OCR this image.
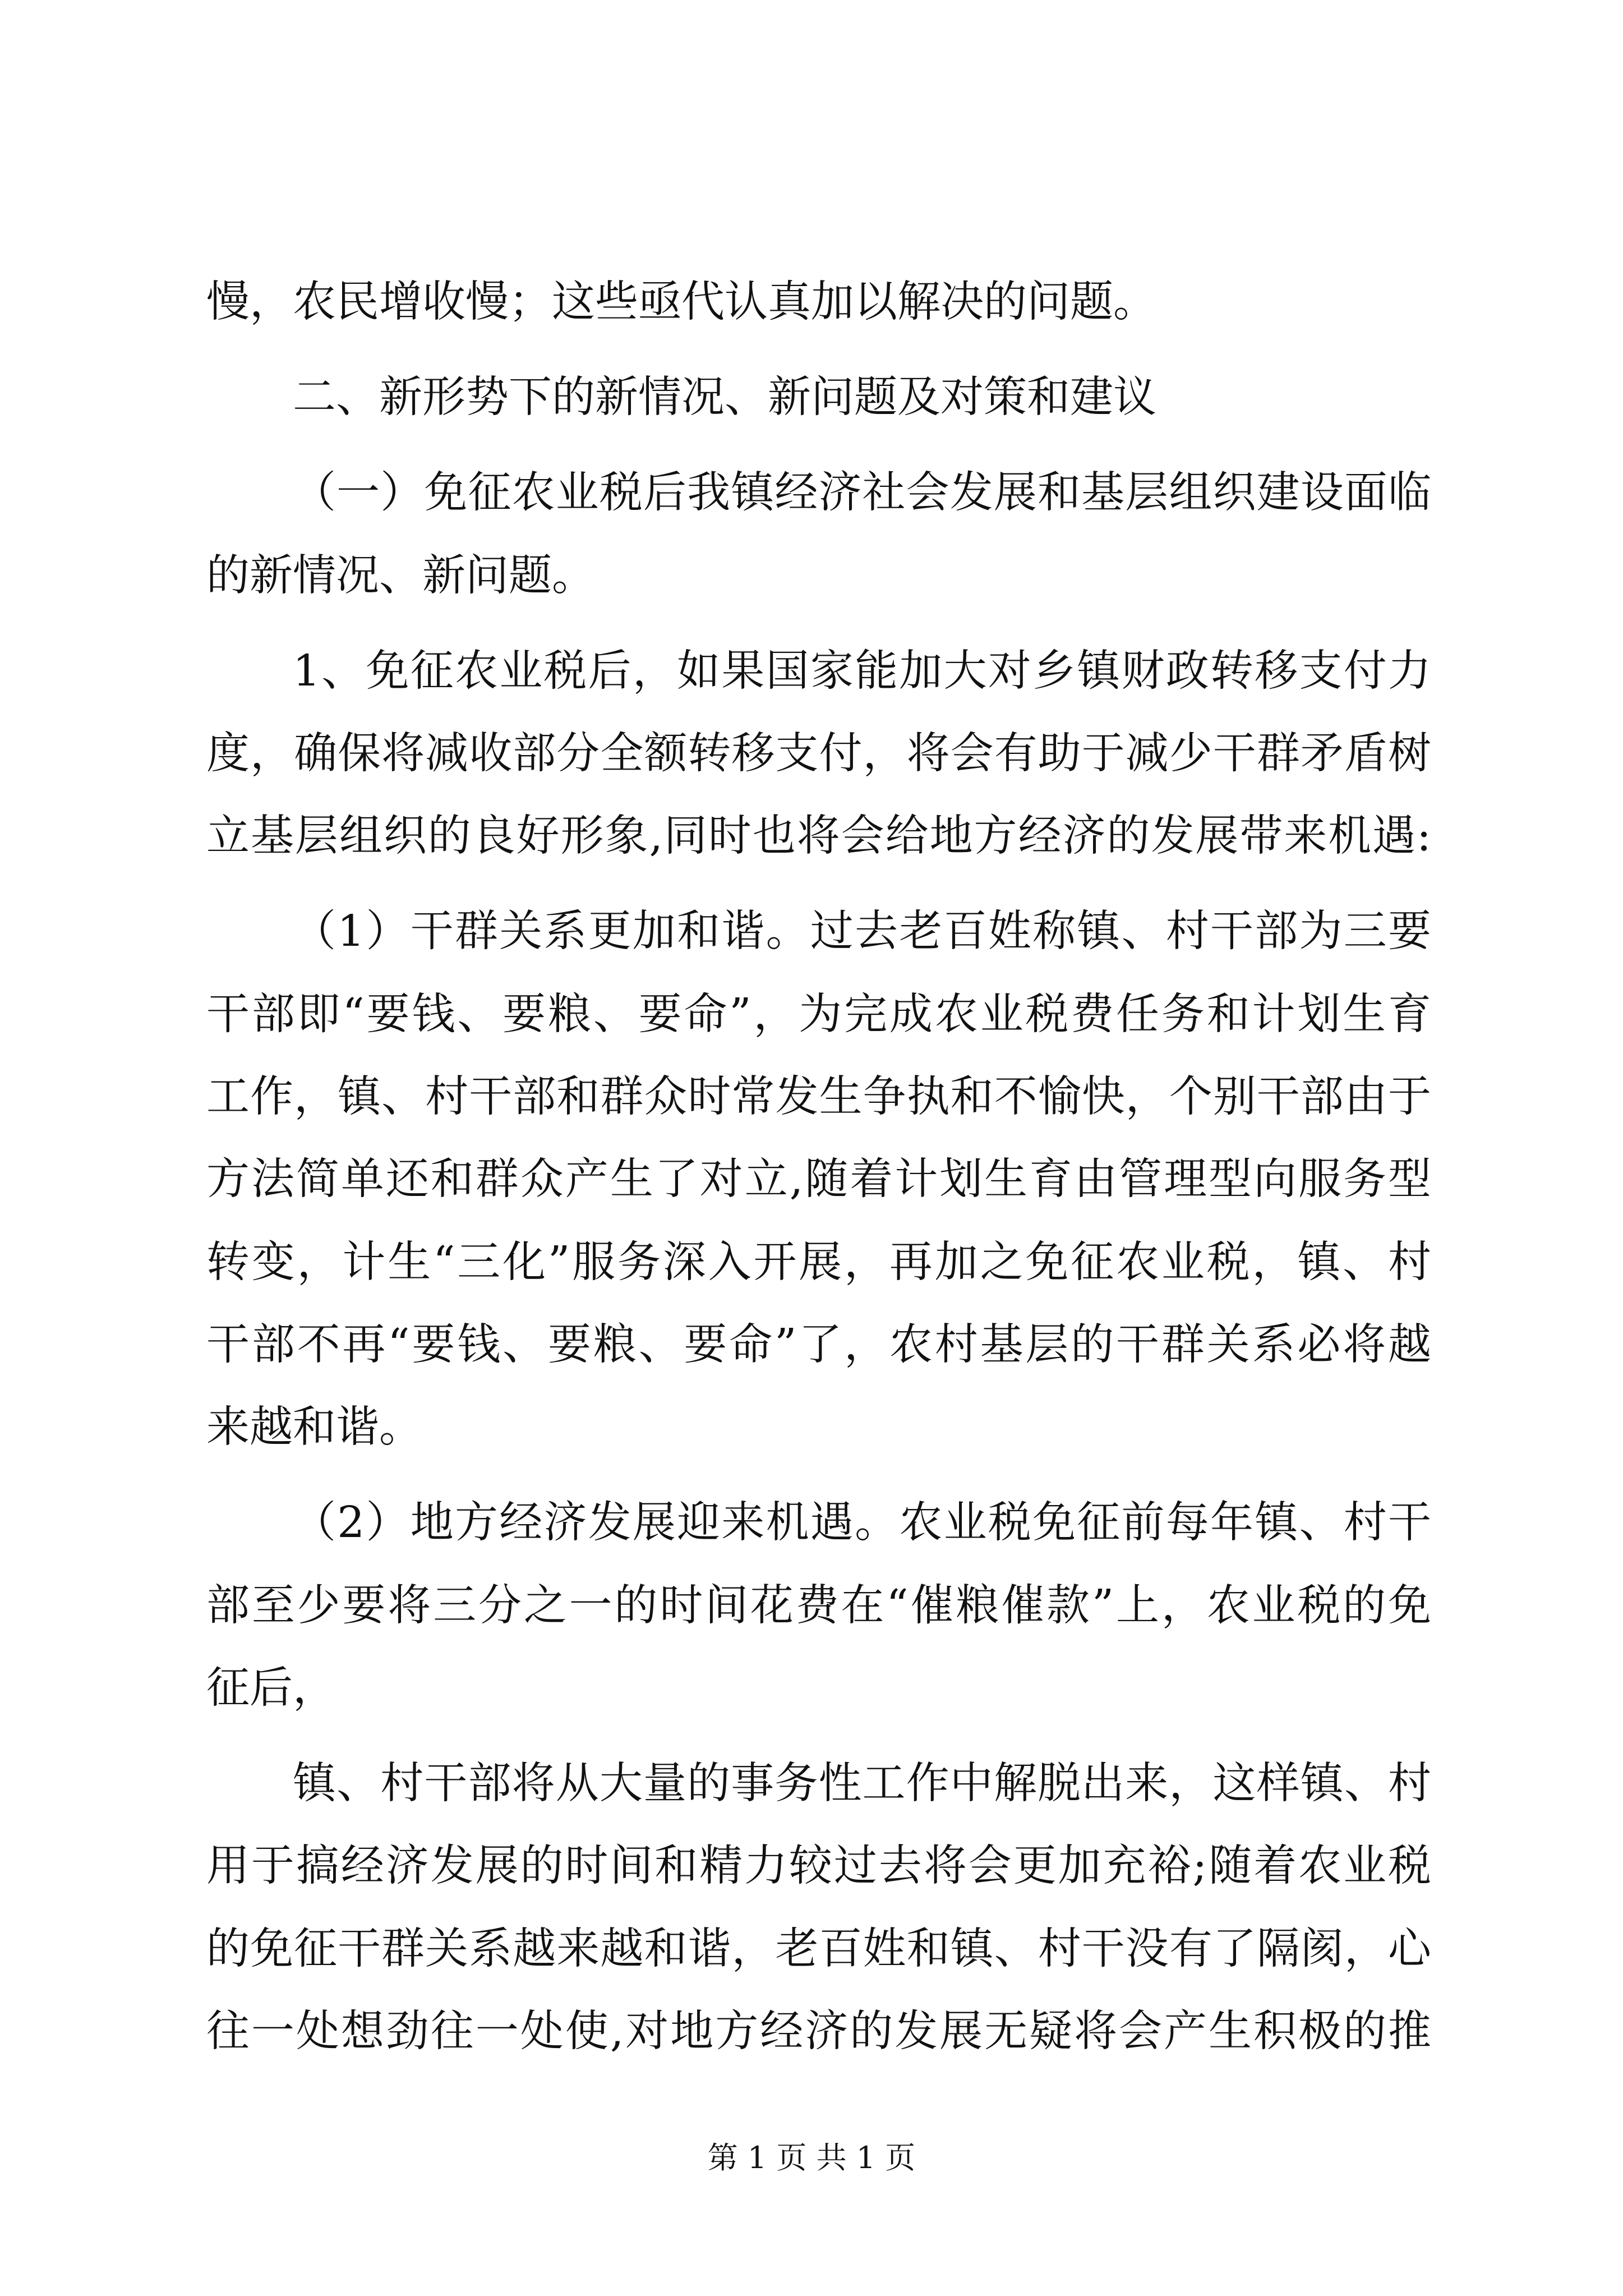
慢，农民增收慢；这些亟代认真加以解决的问题。
二、新形势下的新情况、新问题及对策和建议
（一）免征农业税后我镇经济社会发展和基层组织建设面临
的新情况、新问题。
1、免征农业税后，如果国家能加大对乡镇财政转移支付力
度，确保将减收部分全额转移支付，将会有助于减少干群矛盾树
立基层组织的良好形象,同时也将会给地方经济的发展带来机遇:
（1）干群关系更加和谐。过去老百姓称镇、村干部为三要
干部即“要钱、要粮、要命”，为完成农业税费任务和计划生育
工作，镇、村干部和群众时常发生争执和不愉快，个别干部由于
方法简单还和群众产生了对立,随着计划生育由管理型向服务型
转变，计生“三化”服务深入开展，再加之免征农业税，镇、村
干部不再“要钱、要粮、要命”了，农村基层的干群关系必将越
来越和谐。
（2）地方经济发展迎来机遇。农业税免征前每年镇、村干
部至少要将三分之一的时间花费在“催粮催款”上，农业税的免
征后，
镇、村干部将从大量的事务性工作中解脱出来，这样镇、村
用于搞经济发展的时间和精力较过去将会更加充裕;随着农业税
的免征干群关系越来越和谐，老百姓和镇、村干没有了隔阂，心
往一处想劲往一处使,对地方经济的发展无疑将会产生积极的推
第 1 页 共 1 页
